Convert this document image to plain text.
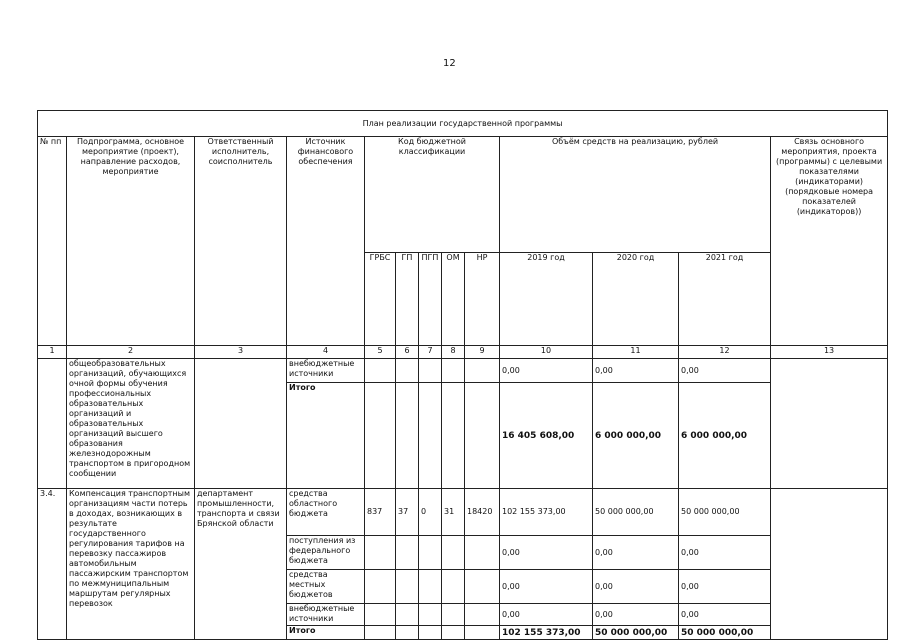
12
План реализации государственной программы												
№ пп	Подпрограмма, основное мероприятие (проект), направление расходов, мероприятие	Ответственный исполнитель, соисполнитель	Источник финансового обеспечения	Код бюджетной классификации					Объём средств на реализацию, рублей			Связь основного мероприятия, проекта (программы) с целевыми показателями (индикаторами) (порядковые номера показателей (индикаторов))
				ГРБС	ГП	ПГП	ОМ	НР	2019 год	2020 год	2021 год	
1	2	3	4	5	6	7	8	9	10	11	12	13
	общеобразовательных организаций, обучающихся очной формы обучения профессиональных образовательных организаций и образовательных организаций высшего образования железнодорожным транспортом в пригородном сообщении		внебюджетные источники						0,00	0,00	0,00	
			Итого						16 405 608,00	6 000 000,00	6 000 000,00	
3.4.	Компенсация транспортным организациям части потерь в доходах, возникающих в результате государственного регулирования тарифов на перевозку пассажиров автомобильным пассажирским транспортом по межмуниципальным маршрутам регулярных перевозок	департамент промышленности, транспорта и связи Брянской области	средства областного бюджета	837	37	0	31	18420	102 155 373,00	50 000 000,00	50 000 000,00	
			поступления из федерального бюджета						0,00	0,00	0,00	
			средства местных бюджетов						0,00	0,00	0,00	
			внебюджетные источники						0,00	0,00	0,00	
			Итого						102 155 373,00	50 000 000,00	50 000 000,00	
